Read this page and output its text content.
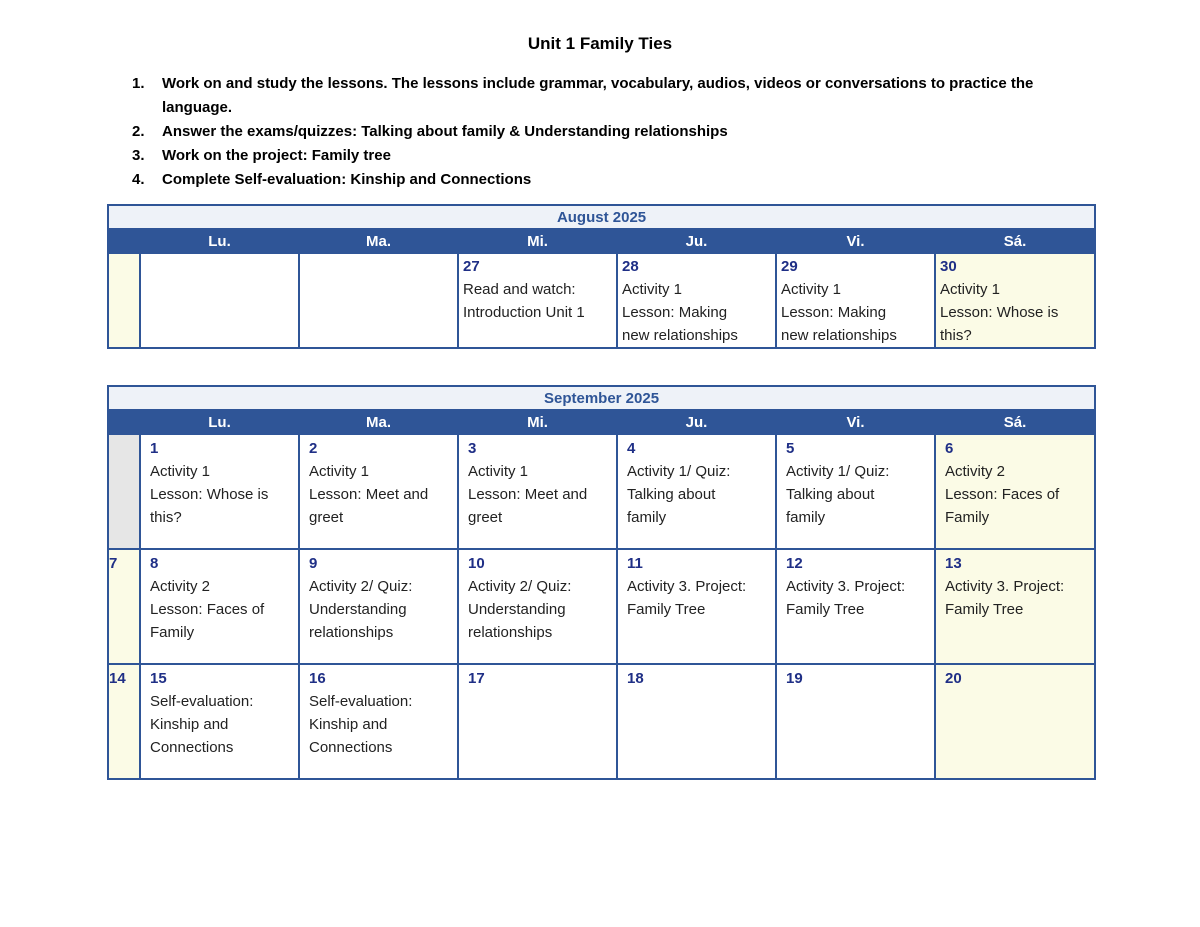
Unit 1 Family Ties
1. Work on and study the lessons. The lessons include grammar, vocabulary, audios, videos or conversations to practice the language.
2. Answer the exams/quizzes: Talking about family & Understanding relationships
3. Work on the project: Family tree
4. Complete Self-evaluation: Kinship and Connections
August 2025						
	Lu.	Ma.	Mi.	Ju.	Vi.	Sá.

			27
Read and watch:
Introduction Unit 1	28
Activity 1
Lesson: Making
new relationships	29
Activity 1
Lesson: Making
new relationships	30
Activity 1
Lesson: Whose is
this?
September 2025						
	Lu.	Ma.	Mi.	Ju.	Vi.	Sá.

	1
Activity 1
Lesson: Whose is
this?	2
Activity 1
Lesson: Meet and
greet	3
Activity 1
Lesson: Meet and
greet	4
Activity 1/ Quiz:
Talking about
family	5
Activity 1/ Quiz:
Talking about
family	6
Activity 2
Lesson: Faces of
Family

7	8
Activity 2
Lesson: Faces of
Family	9
Activity 2/ Quiz:
Understanding
relationships	10
Activity 2/ Quiz:
Understanding
relationships	11
Activity 3. Project:
Family Tree	12
Activity 3. Project:
Family Tree	13
Activity 3. Project:
Family Tree

14	15
Self-evaluation:
Kinship and
Connections	16
Self-evaluation:
Kinship and
Connections	17	18	19	20
